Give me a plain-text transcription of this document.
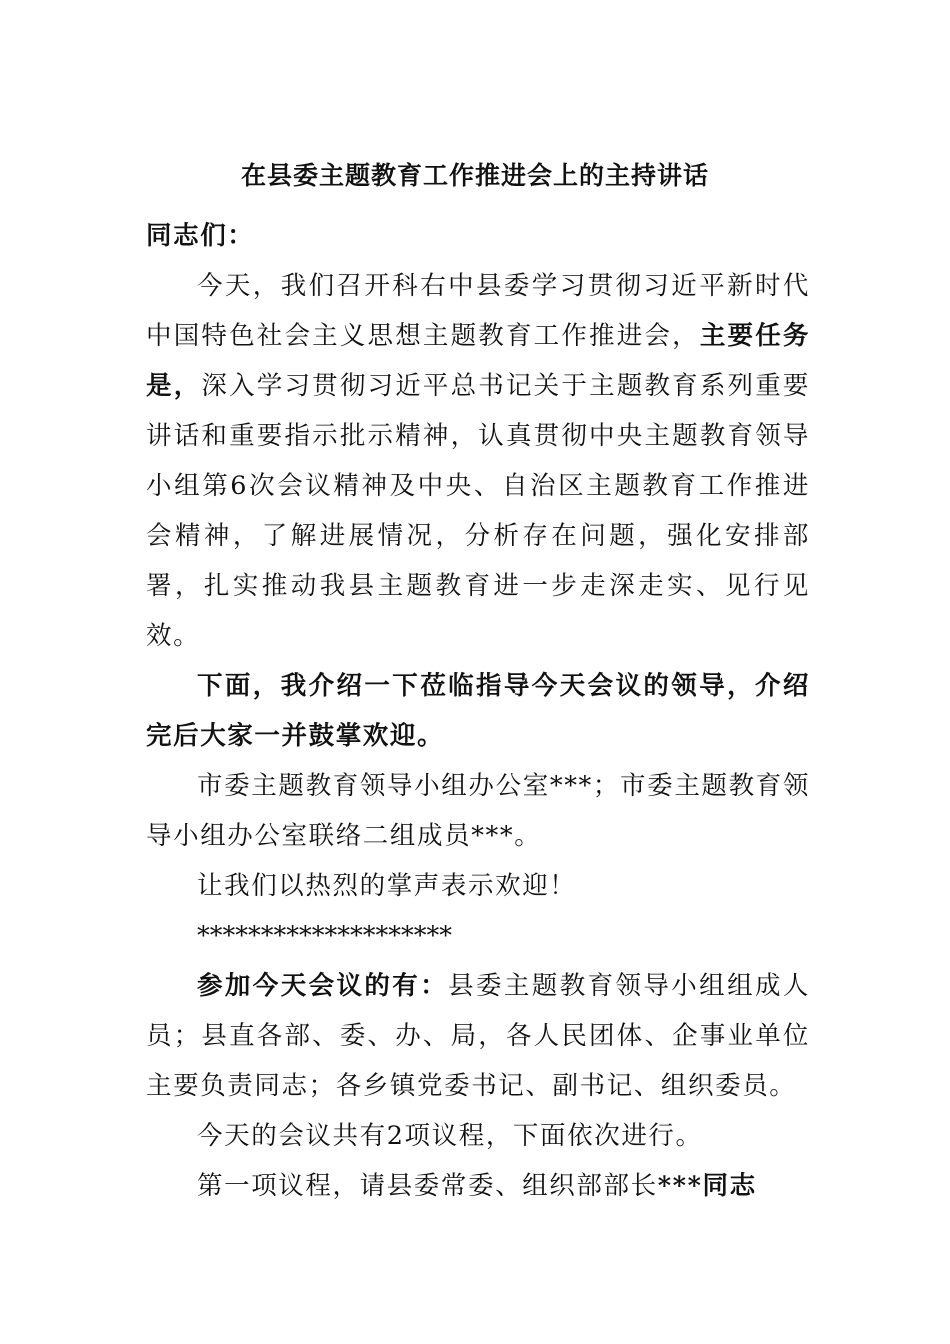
在县委主题教育工作推进会上的主持讲话

同志们：

今天，我们召开科右中县委学习贯彻习近平新时代中国特色社会主义思想主题教育工作推进会，主要任务是，深入学习贯彻习近平总书记关于主题教育系列重要讲话和重要指示批示精神，认真贯彻中央主题教育领导小组第6次会议精神及中央、自治区主题教育工作推进会精神，了解进展情况，分析存在问题，强化安排部署，扎实推动我县主题教育进一步走深走实、见行见效。

下面，我介绍一下莅临指导今天会议的领导，介绍完后大家一并鼓掌欢迎。

市委主题教育领导小组办公室***；市委主题教育领导小组办公室联络二组成员***。

让我们以热烈的掌声表示欢迎！

********************

参加今天会议的有：县委主题教育领导小组组成人员；县直各部、委、办、局，各人民团体、企事业单位主要负责同志；各乡镇党委书记、副书记、组织委员。

今天的会议共有2项议程，下面依次进行。

第一项议程，请县委常委、组织部部长***同志
